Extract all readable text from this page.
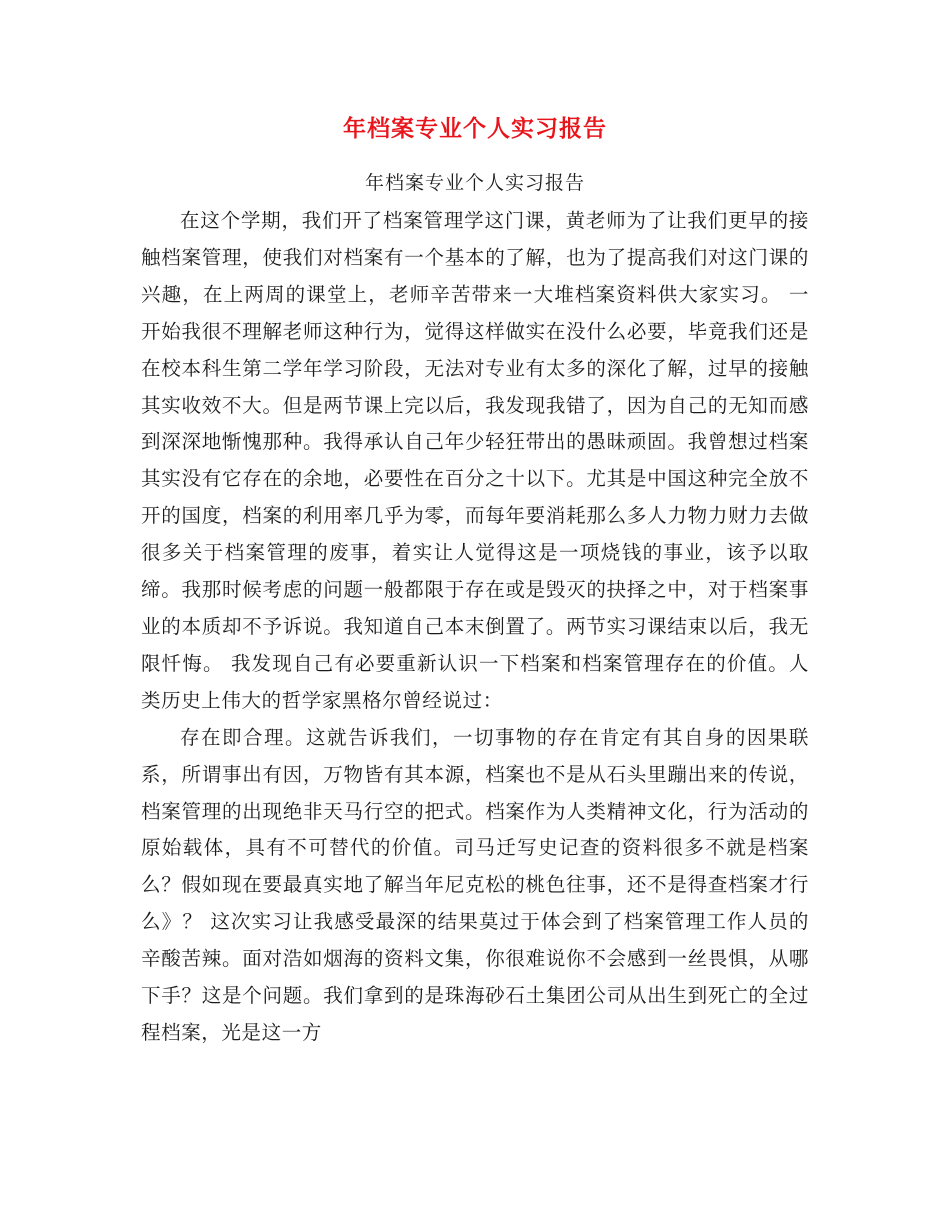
年档案专业个人实习报告
年档案专业个人实习报告

在这个学期，我们开了档案管理学这门课，黄老师为了让我们更早的接触档案管理，使我们对档案有一个基本的了解，也为了提高我们对这门课的兴趣，在上两周的课堂上，老师辛苦带来一大堆档案资料供大家实习。 一开始我很不理解老师这种行为，觉得这样做实在没什么必要，毕竟我们还是在校本科生第二学年学习阶段，无法对专业有太多的深化了解，过早的接触其实收效不大。但是两节课上完以后，我发现我错了，因为自己的无知而感到深深地惭愧那种。我得承认自己年少轻狂带出的愚昧顽固。我曾想过档案其实没有它存在的余地，必要性在百分之十以下。尤其是中国这种完全放不开的国度，档案的利用率几乎为零，而每年要消耗那么多人力物力财力去做很多关于档案管理的废事，着实让人觉得这是一项烧钱的事业，该予以取缔。我那时候考虑的问题一般都限于存在或是毁灭的抉择之中，对于档案事业的本质却不予诉说。我知道自己本末倒置了。两节实习课结束以后，我无限忏悔。 我发现自己有必要重新认识一下档案和档案管理存在的价值。人类历史上伟大的哲学家黑格尔曾经说过：

存在即合理。这就告诉我们，一切事物的存在肯定有其自身的因果联系，所谓事出有因，万物皆有其本源，档案也不是从石头里蹦出来的传说，档案管理的出现绝非天马行空的把式。档案作为人类精神文化，行为活动的原始载体，具有不可替代的价值。司马迁写史记查的资料很多不就是档案么？假如现在要最真实地了解当年尼克松的桃色往事，还不是得查档案才行么》？ 这次实习让我感受最深的结果莫过于体会到了档案管理工作人员的辛酸苦辣。面对浩如烟海的资料文集，你很难说你不会感到一丝畏惧，从哪下手？这是个问题。我们拿到的是珠海砂石土集团公司从出生到死亡的全过程档案，光是这一方
